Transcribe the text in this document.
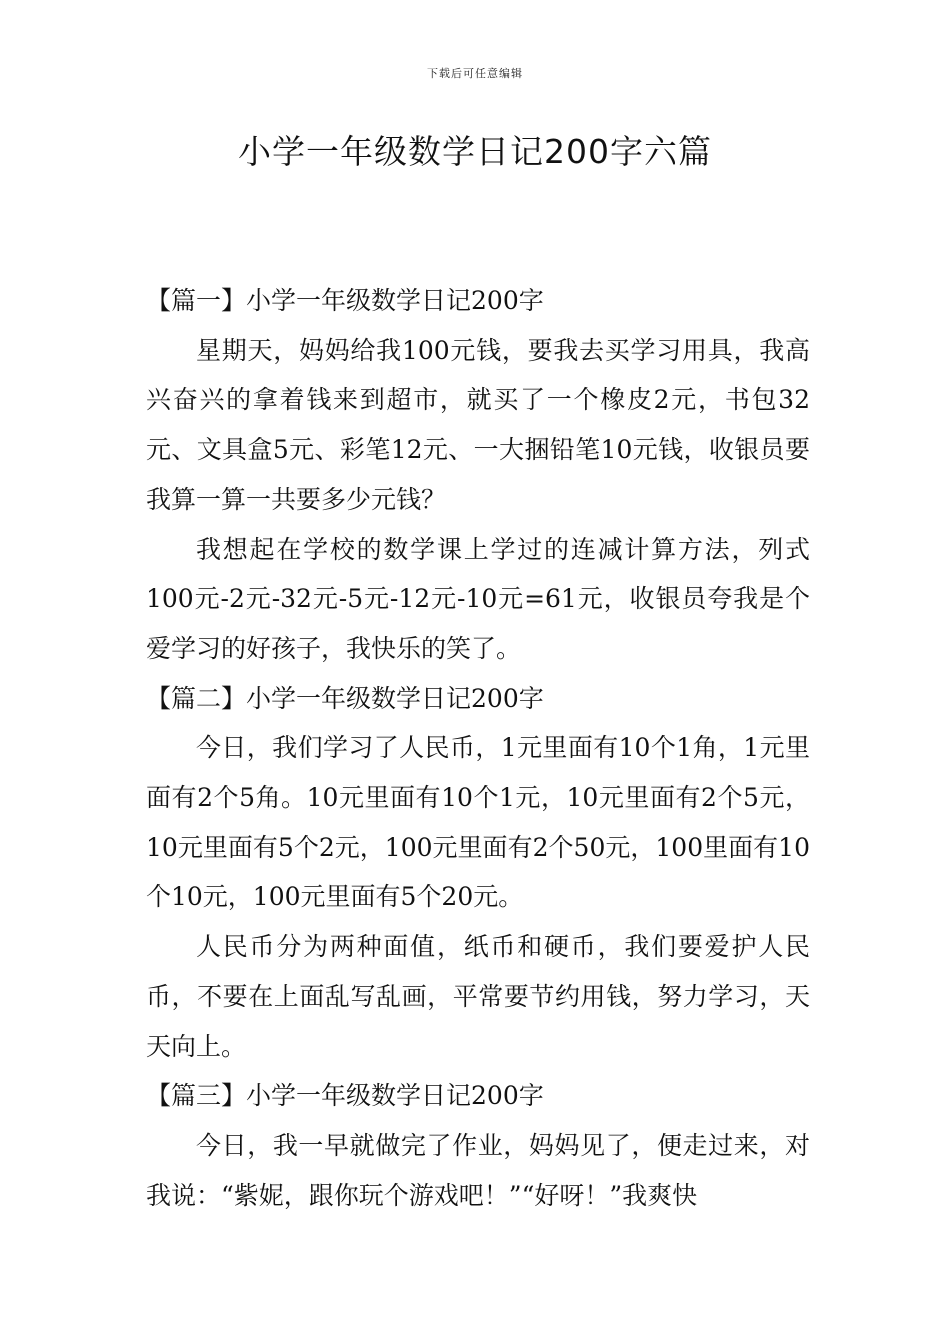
下载后可任意编辑
小学一年级数学日记200字六篇
【篇一】小学一年级数学日记200字

星期天，妈妈给我100元钱，要我去买学习用具，我高兴奋兴的拿着钱来到超市，就买了一个橡皮2元，书包32元、文具盒5元、彩笔12元、一大捆铅笔10元钱，收银员要我算一算一共要多少元钱？

我想起在学校的数学课上学过的连减计算方法，列式100元-2元-32元-5元-12元-10元=61元，收银员夸我是个爱学习的好孩子，我快乐的笑了。

【篇二】小学一年级数学日记200字

今日，我们学习了人民币，1元里面有10个1角，1元里面有2个5角。10元里面有10个1元，10元里面有2个5元，10元里面有5个2元，100元里面有2个50元，100里面有10个10元，100元里面有5个20元。

人民币分为两种面值，纸币和硬币，我们要爱护人民币，不要在上面乱写乱画，平常要节约用钱，努力学习，天天向上。

【篇三】小学一年级数学日记200字

今日，我一早就做完了作业，妈妈见了，便走过来，对我说：“紫妮，跟你玩个游戏吧！”“好呀！”我爽快
